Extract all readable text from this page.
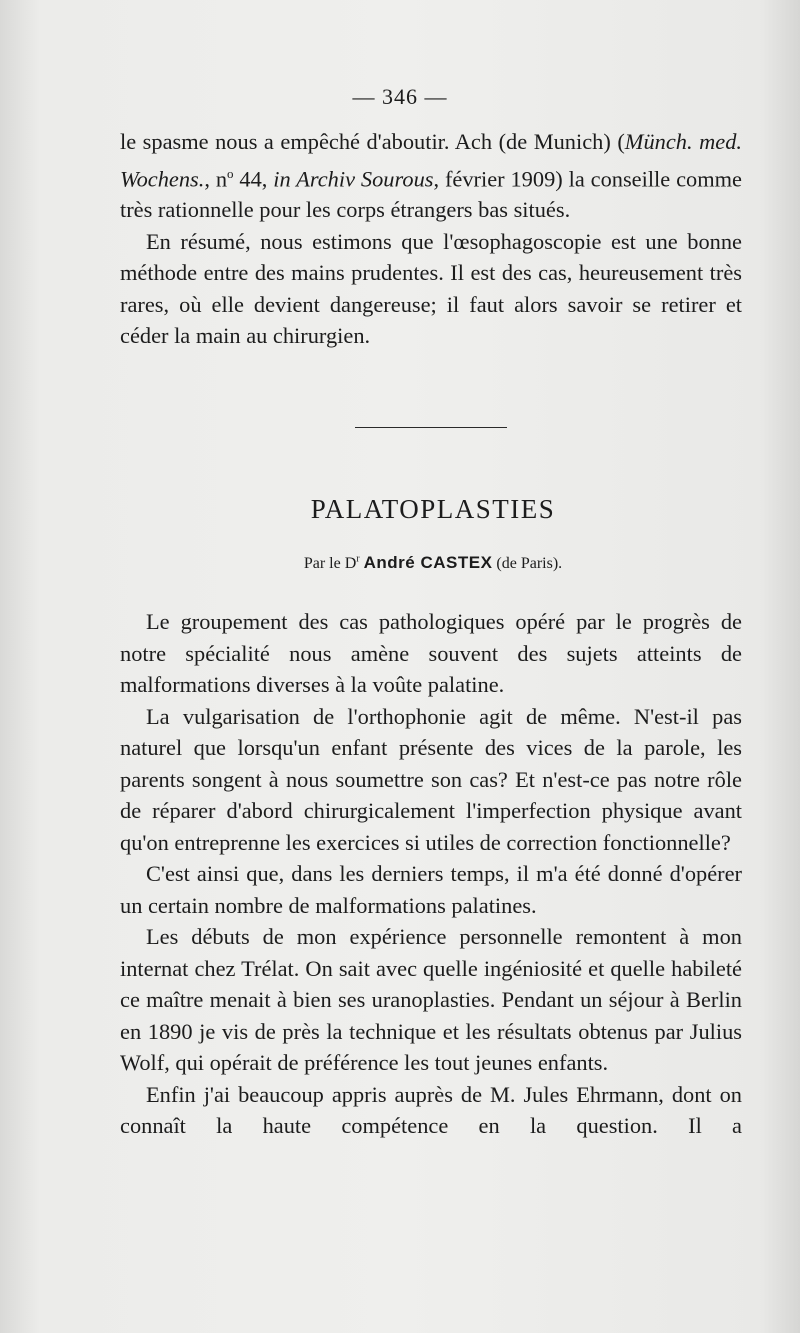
— 346 —

le spasme nous a empêché d'aboutir. Ach (de Munich) (Münch. med. Wochens., $n^o$ 44, in Archiv Sourous, février 1909) la conseille comme très rationnelle pour les corps étrangers bas situés.

En résumé, nous estimons que l'œsophagoscopie est une bonne méthode entre des mains prudentes. Il est des cas, heureusement très rares, où elle devient dangereuse; il faut alors savoir se retirer et céder la main au chirurgien.

PALATOPLASTIES
Par le $D^r$ André CASTEX (de Paris).

Le groupement des cas pathologiques opéré par le progrès de notre spécialité nous amène souvent des sujets atteints de malformations diverses à la voûte palatine.

La vulgarisation de l'orthophonie agit de même. N'est-il pas naturel que lorsqu'un enfant présente des vices de la parole, les parents songent à nous soumettre son cas? Et n'est-ce pas notre rôle de réparer d'abord chirurgicalement l'imperfection physique avant qu'on entreprenne les exercices si utiles de correction fonctionnelle?

C'est ainsi que, dans les derniers temps, il m'a été donné d'opérer un certain nombre de malformations palatines.

Les débuts de mon expérience personnelle remontent à mon internat chez Trélat. On sait avec quelle ingéniosité et quelle habileté ce maître menait à bien ses uranoplasties. Pendant un séjour à Berlin en 1890 je vis de près la technique et les résultats obtenus par Julius Wolf, qui opérait de préférence les tout jeunes enfants.

Enfin j'ai beaucoup appris auprès de M. Jules Ehrmann, dont on connaît la haute compétence en la question. Il a
